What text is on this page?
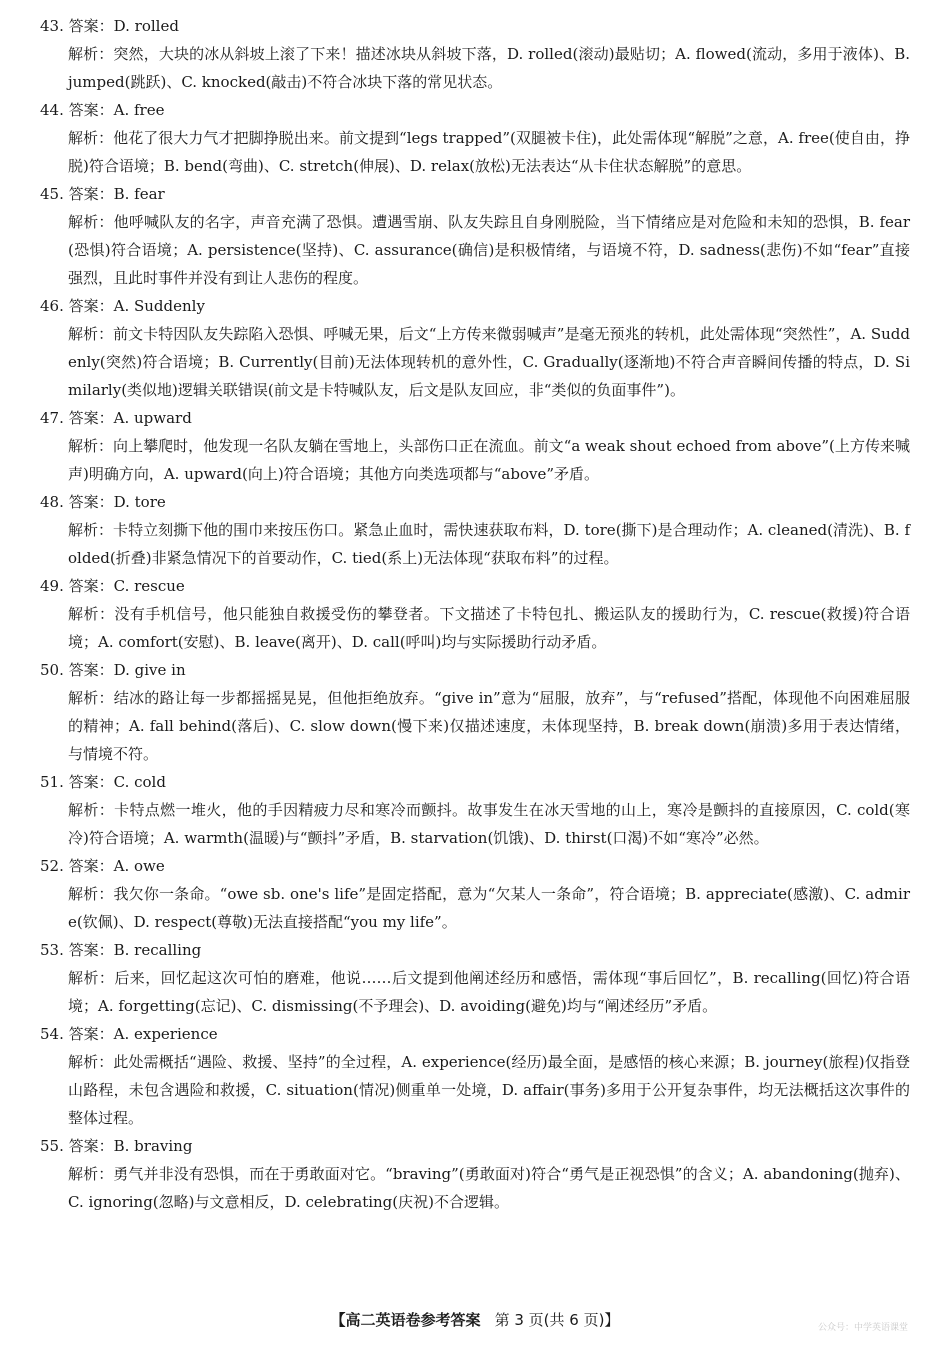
43. 答案：D. rolled
解析：突然，大块的冰从斜坡上滚了下来！描述冰块从斜坡下落，D. rolled(滚动)最贴切；A. flowed(流动，多用于液体)、B. jumped(跳跃)、C. knocked(敲击)不符合冰块下落的常见状态。
44. 答案：A. free
解析：他花了很大力气才把脚挣脱出来。前文提到“legs trapped”(双腿被卡住)，此处需体现“解脱”之意，A. free(使自由，挣脱)符合语境；B. bend(弯曲)、C. stretch(伸展)、D. relax(放松)无法表达“从卡住状态解脱”的意思。
45. 答案：B. fear
解析：他呼喊队友的名字，声音充满了恐惧。遭遇雪崩、队友失踪且自身刚脱险，当下情绪应是对危险和未知的恐惧，B. fear(恐惧)符合语境；A. persistence(坚持)、C. assurance(确信)是积极情绪，与语境不符，D. sadness(悲伤)不如“fear”直接强烈，且此时事件并没有到让人悲伤的程度。
46. 答案：A. Suddenly
解析：前文卡特因队友失踪陷入恐惧、呼喊无果，后文“上方传来微弱喊声”是毫无预兆的转机，此处需体现“突然性”，A. Suddenly(突然)符合语境；B. Currently(目前)无法体现转机的意外性，C. Gradually(逐渐地)不符合声音瞬间传播的特点，D. Similarly(类似地)逻辑关联错误(前文是卡特喊队友，后文是队友回应，非“类似的负面事件”)。
47. 答案：A. upward
解析：向上攀爬时，他发现一名队友躺在雪地上，头部伤口正在流血。前文“a weak shout echoed from above”(上方传来喊声)明确方向，A. upward(向上)符合语境；其他方向类选项都与“above”矛盾。
48. 答案：D. tore
解析：卡特立刻撕下他的围巾来按压伤口。紧急止血时，需快速获取布料，D. tore(撕下)是合理动作；A. cleaned(清洗)、B. folded(折叠)非紧急情况下的首要动作，C. tied(系上)无法体现“获取布料”的过程。
49. 答案：C. rescue
解析：没有手机信号，他只能独自救援受伤的攀登者。下文描述了卡特包扎、搬运队友的援助行为，C. rescue(救援)符合语境；A. comfort(安慰)、B. leave(离开)、D. call(呼叫)均与实际援助行动矛盾。
50. 答案：D. give in
解析：结冰的路让每一步都摇摇晃晃，但他拒绝放弃。“give in”意为“屈服，放弃”，与“refused”搭配，体现他不向困难屈服的精神；A. fall behind(落后)、C. slow down(慢下来)仅描述速度，未体现坚持，B. break down(崩溃)多用于表达情绪，与情境不符。
51. 答案：C. cold
解析：卡特点燃一堆火，他的手因精疲力尽和寒冷而颤抖。故事发生在冰天雪地的山上，寒冷是颤抖的直接原因，C. cold(寒冷)符合语境；A. warmth(温暖)与“颤抖”矛盾，B. starvation(饥饿)、D. thirst(口渴)不如“寒冷”必然。
52. 答案：A. owe
解析：我欠你一条命。“owe sb. one's life”是固定搭配，意为“欠某人一条命”，符合语境；B. appreciate(感激)、C. admire(钦佩)、D. respect(尊敬)无法直接搭配“you my life”。
53. 答案：B. recalling
解析：后来，回忆起这次可怕的磨难，他说……后文提到他阐述经历和感悟，需体现“事后回忆”，B. recalling(回忆)符合语境；A. forgetting(忘记)、C. dismissing(不予理会)、D. avoiding(避免)均与“阐述经历”矛盾。
54. 答案：A. experience
解析：此处需概括“遇险、救援、坚持”的全过程，A. experience(经历)最全面，是感悟的核心来源；B. journey(旅程)仅指登山路程，未包含遇险和救援，C. situation(情况)侧重单一处境，D. affair(事务)多用于公开复杂事件，均无法概括这次事件的整体过程。
55. 答案：B. braving
解析：勇气并非没有恐惧，而在于勇敢面对它。“braving”(勇敢面对)符合“勇气是正视恐惧”的含义；A. abandoning(抛弃)、C. ignoring(忽略)与文意相反，D. celebrating(庆祝)不合逻辑。
【高二英语卷参考答案 第 3 页(共 6 页)】	公众号：中学英语课堂
